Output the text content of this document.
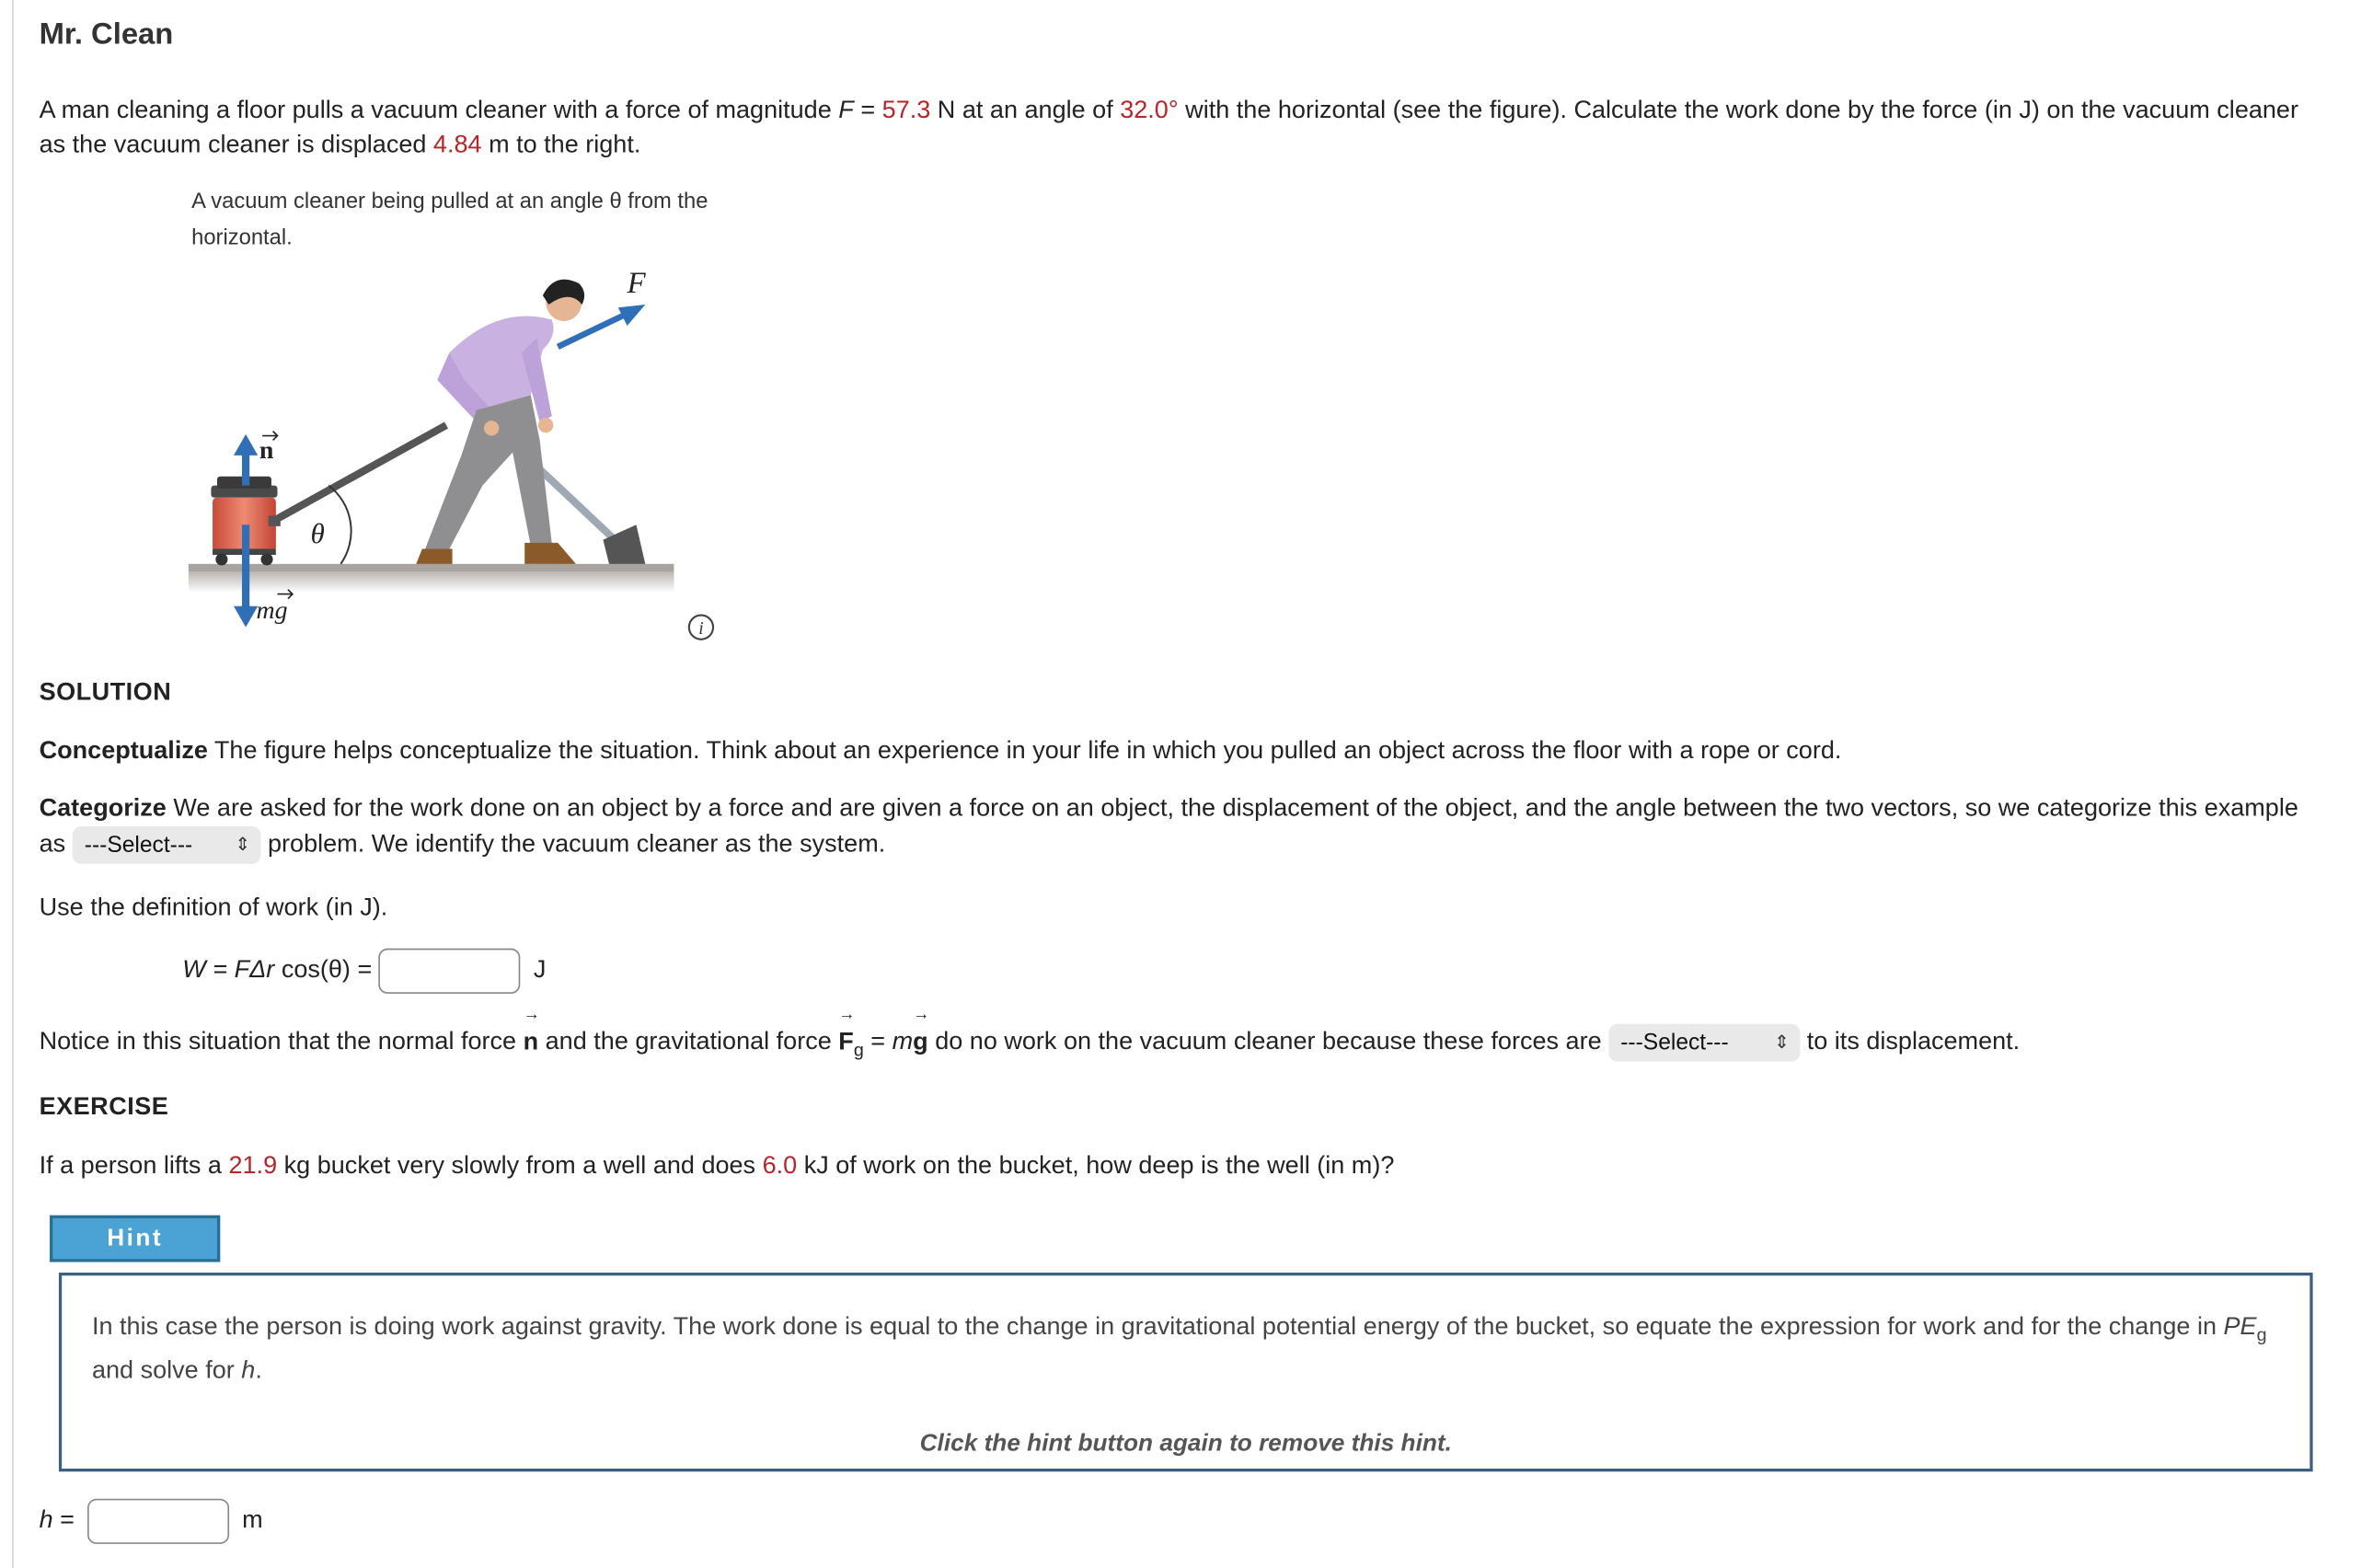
Mr. Clean
A man cleaning a floor pulls a vacuum cleaner with a force of magnitude F = 57.3 N at an angle of 32.0° with the horizontal (see the figure). Calculate the work done by the force (in J) on the vacuum cleaner as the vacuum cleaner is displaced 4.84 m to the right.
A vacuum cleaner being pulled at an angle θ from the horizontal.
F
n
mg
θ
i
SOLUTION
Conceptualize The figure helps conceptualize the situation. Think about an experience in your life in which you pulled an object across the floor with a rope or cord.
Categorize We are asked for the work done on an object by a force and are given a force on an object, the displacement of the object, and the angle between the two vectors, so we categorize this example as ---Select---	⇕ problem. We identify the vacuum cleaner as the system.
Use the definition of work (in J).
W = FΔr cos(θ) =	J
Notice in this situation that the normal force
→
n and the gravitational force
→
$F_g = m$
→
g do no work on the vacuum cleaner because these forces are ---Select---	⇕ to its displacement.
EXERCISE
If a person lifts a 21.9 kg bucket very slowly from a well and does 6.0 kJ of work on the bucket, how deep is the well (in m)?
Hint
In this case the person is doing work against gravity. The work done is equal to the change in gravitational potential energy of the bucket, so equate the expression for work and for the change in $PE_g$ and solve for h.
Click the hint button again to remove this hint.
h =	m
